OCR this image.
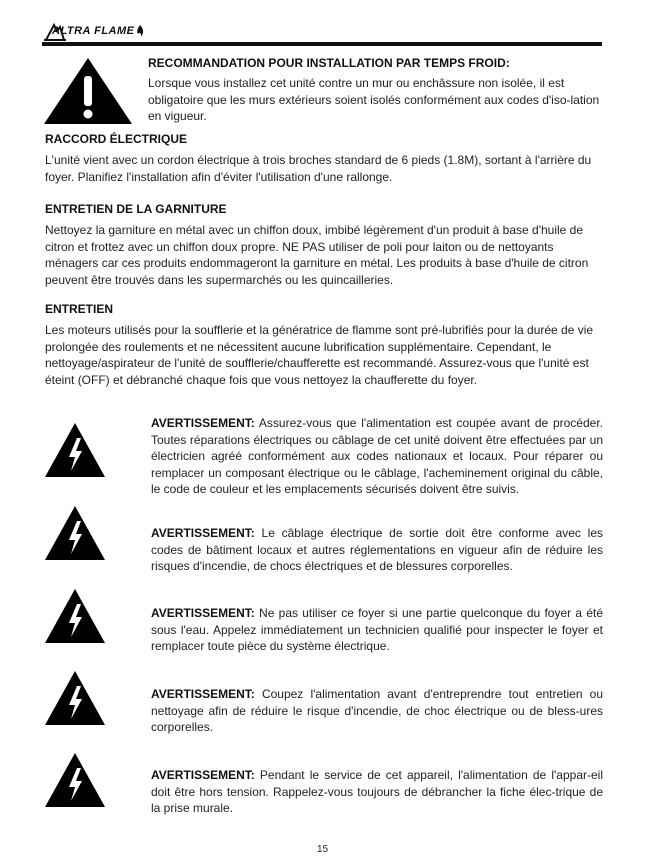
ALTRA FLAME
RECOMMANDATION POUR INSTALLATION PAR TEMPS FROID:

Lorsque vous installez cet unité contre un mur ou enchâssure non isolée, il est obligatoire que les murs extérieurs soient isolés conformément aux codes d'iso-lation en vigueur.

RACCORD ÉLECTRIQUE

L'unité vient avec un cordon électrique à trois broches standard de 6 pieds (1.8M), sortant à l'arrière du foyer. Planifiez l'installation afin d'éviter l'utilisation d'une rallonge.

ENTRETIEN DE LA GARNITURE

Nettoyez la garniture en métal avec un chiffon doux, imbibé légèrement d'un produit à base d'huile de citron et frottez avec un chiffon doux propre. NE PAS utiliser de poli pour laiton ou de nettoyants ménagers car ces produits endommageront la garniture en métal. Les produits à base d'huile de citron peuvent être trouvés dans les supermarchés ou les quincailleries.

ENTRETIEN

Les moteurs utilisés pour la soufflerie et la génératrice de flamme sont pré-lubrifiés pour la durée de vie prolongée des roulements et ne nécessitent aucune lubrification supplémentaire. Cependant, le nettoyage/aspirateur de l'unité de soufflerie/chaufferette est recommandé. Assurez-vous que l'unité est éteint (OFF) et débranché chaque fois que vous nettoyez la chaufferette du foyer.

AVERTISSEMENT: Assurez-vous que l'alimentation est coupée avant de procéder. Toutes réparations électriques ou câblage de cet unité doivent être effectuées par un électricien agréé conformément aux codes nationaux et locaux. Pour réparer ou remplacer un composant électrique ou le câblage, l'acheminement original du câble, le code de couleur et les emplacements sécurisés doivent être suivis.
AVERTISSEMENT: Le câblage électrique de sortie doit être conforme avec les codes de bâtiment locaux et autres réglementations en vigueur afin de réduire les risques d'incendie, de chocs électriques et de blessures corporelles.
AVERTISSEMENT: Ne pas utiliser ce foyer si une partie quelconque du foyer a été sous l'eau. Appelez immédiatement un technicien qualifié pour inspecter le foyer et remplacer toute pièce du système électrique.
AVERTISSEMENT: Coupez l'alimentation avant d'entreprendre tout entretien ou nettoyage afin de réduire le risque d'incendie, de choc électrique ou de bless-ures corporelles.
AVERTISSEMENT: Pendant le service de cet appareil, l'alimentation de l'appar-eil doit être hors tension. Rappelez-vous toujours de débrancher la fiche élec-trique de la prise murale.
15
